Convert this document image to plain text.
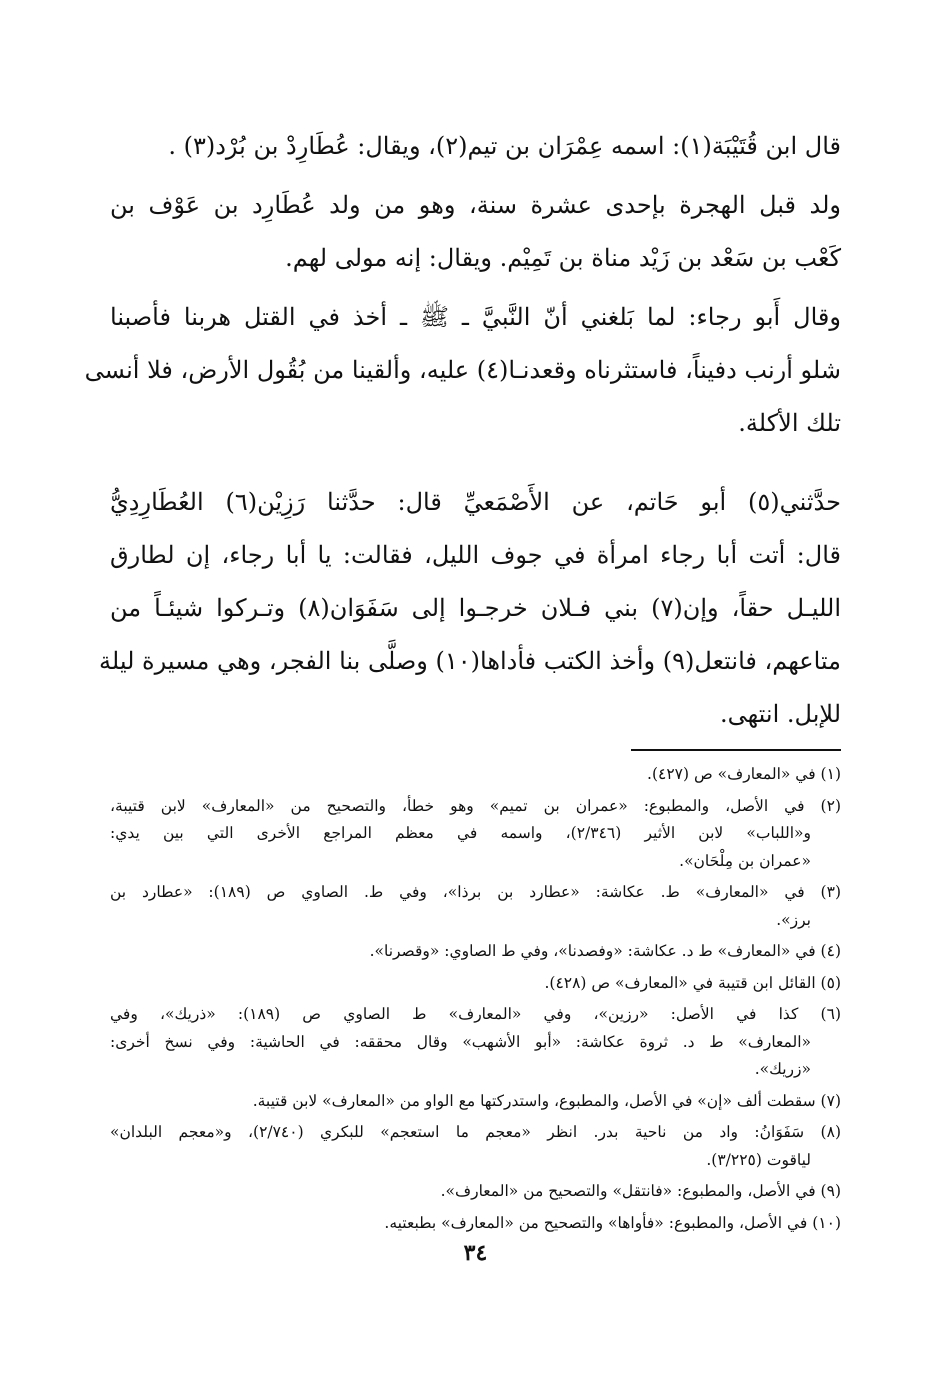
قال ابن قُتَيْبَة(١): اسمه عِمْرَان بن تيم(٢)، ويقال: عُطَارِدْ بن بُرْد(٣) .

ولد قبل الهجرة بإحدى عشرة سنة، وهو من ولد عُطَارِد بن عَوْف بن
كَعْب بن سَعْد بن زَيْد مناة بن تَمِيْم. ويقال: إنه مولى لهم.

وقال أَبو رجاء: لما بَلغني أنّ النَّبيَّ ـ ﷺ ـ أخذ في القتل هربنا فأصبنا
شلو أرنب دفيناً، فاستثرناه وقعدنـا(٤) عليه، وألقينا من بُقُول الأرض، فلا أنسى
تلك الأكلة.

حدَّثني(٥) أبو حَاتم، عن الأَصْمَعيِّ قال: حدَّثنا رَزِيْن(٦) العُطَارِدِيُّ
قال: أتت أبا رجاء امرأة في جوف الليل، فقالت: يا أبا رجاء، إن لطارق
الليـل حقاً، وإن(٧) بني فـلان خرجـوا إلى سَفَوَان(٨) وتـركوا شيئـاً من
متاعهم، فانتعل(٩) وأخذ الكتب فأداها(١٠) وصلَّى بنا الفجر، وهي مسيرة ليلة
للإبل. انتهى.

(١) في «المعارف» ص (٤٢٧).

(٢) في الأصل، والمطبوع: «عمران بن تميم» وهو خطأ، والتصحيح من «المعارف» لابن قتيبة،
و«اللباب» لابن الأثير (٢/٣٤٦)، واسمه في معظم المراجع الأخرى التي بين يدي:
«عمران بن مِلْحَان».

(٣) في «المعارف» ط. عكاشة: «عطارد بن برذا»، وفي ط. الصاوي ص (١٨٩): «عطارد بن
برز».

(٤) في «المعارف» ط د. عكاشة: «وفصدنا»، وفي ط الصاوي: «وقصرنا».

(٥) القائل ابن قتيبة في «المعارف» ص (٤٢٨).

(٦) كذا في الأصل: «رزين»، وفي «المعارف» ط الصاوي ص (١٨٩): «ذريك»، وفي
«المعارف» ط د. ثروة عكاشة: «أبو الأشهب» وقال محققه: في الحاشية: وفي نسخ أخرى:
«زريك».

(٧) سقطت ألف «إن» في الأصل، والمطبوع، واستدركتها مع الواو من «المعارف» لابن قتيبة.

(٨) سَفَوَانُ: واد من ناحية بدر. انظر «معجم ما استعجم» للبكري (٢/٧٤٠)، و«معجم البلدان»
لياقوت (٣/٢٢٥).

(٩) في الأصل، والمطبوع: «فانتقل» والتصحيح من «المعارف».

(١٠) في الأصل، والمطبوع: «فأواها» والتصحيح من «المعارف» بطبعتيه.

٣٤
